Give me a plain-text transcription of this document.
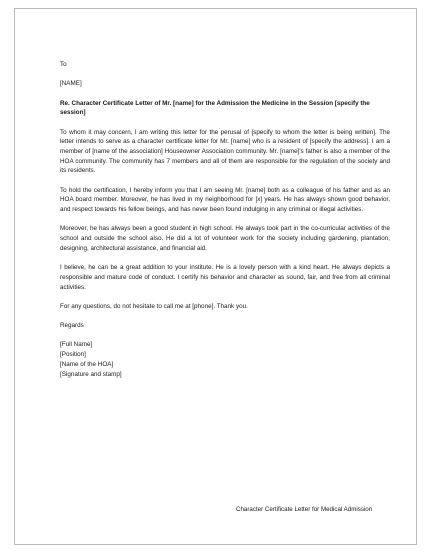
To

[NAME]

Re. Character Certificate Letter of Mr. [name] for the Admission the Medicine in the Session [specify the session]

To whom it may concern, I am writing this letter for the perusal of [specify to whom the letter is being written]. The letter intends to serve as a character certificate letter for Mr. [name] who is a resident of [specify the address]. I am a member of [name of the association] Houseowner Association community. Mr. [name]'s father is also a member of the HOA community. The community has 7 members and all of them are responsible for the regulation of the society and its residents.

To hold the certification, I hereby inform you that I am seeing Mr. [name] both as a colleague of his father and as an HOA board member. Moreover, he has lived in my neighborhood for [x] years. He has always shown good behavior, and respect towards his fellow beings, and has never been found indulging in any criminal or illegal activities.

Moreover, he has always been a good student in high school. He always took part in the co-curricular activities of the school and outside the school also. He did a lot of volunteer work for the society including gardening, plantation, designing, architectural assistance, and financial aid.

I believe, he can be a great addition to your institute. He is a lovely person with a kind heart. He always depicts a responsible and mature code of conduct. I certify his behavior and character as sound, fair, and free from all criminal activities.

For any questions, do not hesitate to call me at [phone]. Thank you.

Regards

[Full Name]

[Position]

[Name of the HOA]

[Signature and stamp]

Character Certificate Letter for Medical Admission
